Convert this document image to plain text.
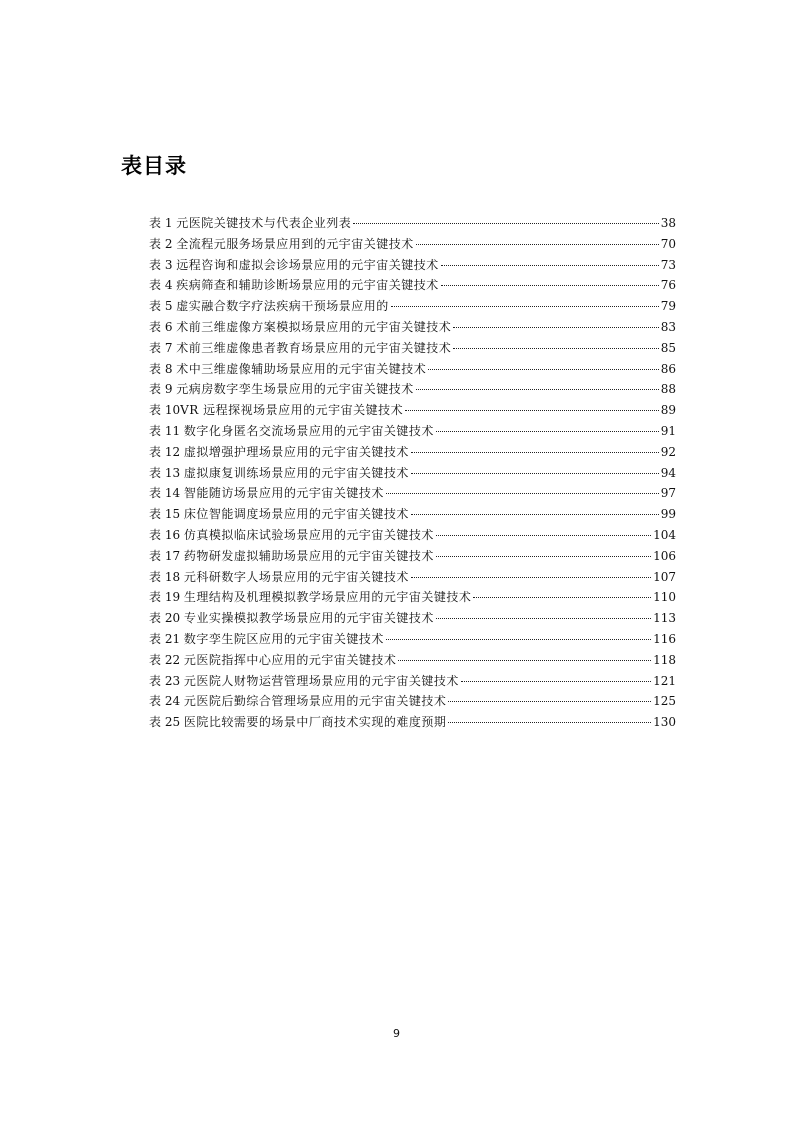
表目录
表 1 元医院关键技术与代表企业列表	38
表 2 全流程元服务场景应用到的元宇宙关键技术	70
表 3 远程咨询和虚拟会诊场景应用的元宇宙关键技术	73
表 4 疾病筛查和辅助诊断场景应用的元宇宙关键技术	76
表 5 虚实融合数字疗法疾病干预场景应用的	79
表 6 术前三维虚像方案模拟场景应用的元宇宙关键技术	83
表 7 术前三维虚像患者教育场景应用的元宇宙关键技术	85
表 8 术中三维虚像辅助场景应用的元宇宙关键技术	86
表 9 元病房数字孪生场景应用的元宇宙关键技术	88
表 10 VR 远程探视场景应用的元宇宙关键技术	89
表 11 数字化身匿名交流场景应用的元宇宙关键技术	91
表 12 虚拟增强护理场景应用的元宇宙关键技术	92
表 13 虚拟康复训练场景应用的元宇宙关键技术	94
表 14 智能随访场景应用的元宇宙关键技术	97
表 15 床位智能调度场景应用的元宇宙关键技术	99
表 16 仿真模拟临床试验场景应用的元宇宙关键技术	104
表 17 药物研发虚拟辅助场景应用的元宇宙关键技术	106
表 18 元科研数字人场景应用的元宇宙关键技术	107
表 19 生理结构及机理模拟教学场景应用的元宇宙关键技术	110
表 20 专业实操模拟教学场景应用的元宇宙关键技术	113
表 21 数字孪生院区应用的元宇宙关键技术	116
表 22 元医院指挥中心应用的元宇宙关键技术	118
表 23 元医院人财物运营管理场景应用的元宇宙关键技术	121
表 24 元医院后勤综合管理场景应用的元宇宙关键技术	125
表 25 医院比较需要的场景中厂商技术实现的难度预期	130
9
